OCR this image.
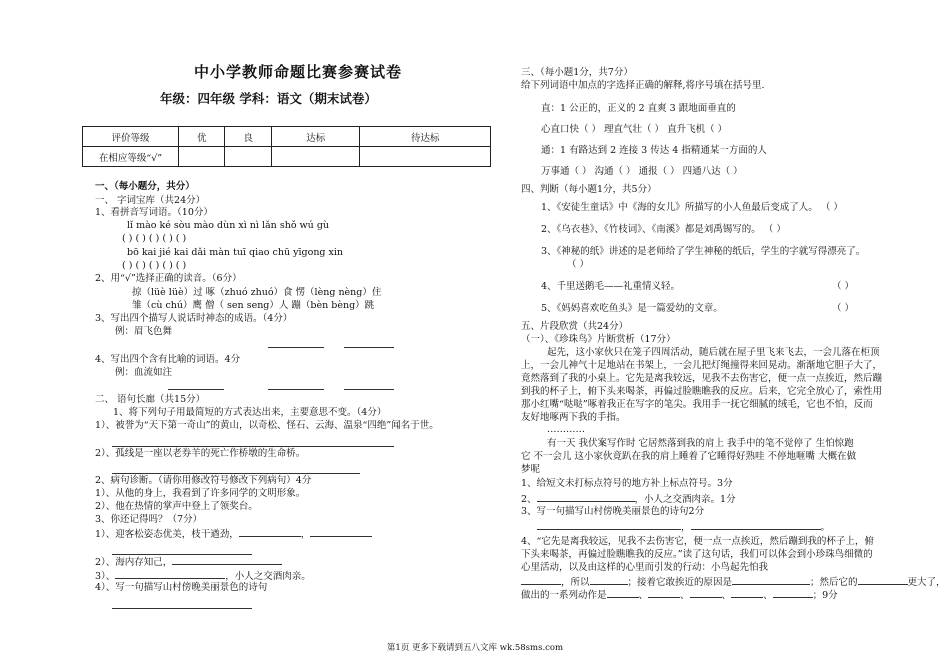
中小学教师命题比赛参赛试卷
年级：四年级 学科：语文（期末试卷）
评价等级	优	良	达标	待达标
在相应等级“√”				
一、（每小题分，共分）
一、 字词宝库（共24分）
1、看拼音写词语。（10分）
lǐ mào ké sòu mào dùn xì nì lǎn shǒ wú gù
( ) ( ) ( ) ( ) ( )
bō kai jié kai dǎi màn tuī qiao chū yīgong xin
( ) ( ) ( ) ( ) ( )
2、用“√”选择正确的读音。（6分）
掠（lüè lüè）过 啄（zhuó zhuó）食 愣（lèng nèng）住
雏（cù chú）鹰 僧（ sen seng）人 蹦（bèn bèng）跳
3、写出四个描写人说话时神态的成语。（4分）
例：眉飞色舞
4、写出四个含有比喻的词语。4分
例：血流如注
二、 语句长廊（共15分）
1、将下列句子用最简短的方式表达出来，主要意思不变。（4分）
1）、被誉为“天下第一奇山”的黄山，以奇松、怪石、云海、温泉“四绝”闻名于世。
2）、孤线是一座以老券羊的死亡作桥墩的生命桥。
2、病句诊断。（请你用修改符号修改下列病句）4分
1）、从他的身上，我看到了许多同学的文明形象。
2）、他在热情的掌声中登上了领奖台。
3、你还记得吗？（7分）
1）、迎客松姿态优美，枝干遒劲，	，
2）、海内存知己，
3）、	，小人之交酒肉亲。
4）、写一句描写山村傍晚美丽景色的诗句
三、（每小题1分，共7分）
给下列词语中加点的字选择正确的解释,将序号填在括号里.
直：1 公正的，正义的 2 直爽 3 跟地面垂直的
心直口快（ ） 理直气壮（ ） 直升飞机（ ）
通：1 有路达到 2 连接 3 传达 4 指精通某一方面的人
万事通（ ） 沟通（ ） 通报（ ） 四通八达（ ）
四、判断（每小题1分，共5分）
1、《安徒生童话》中《海的女儿》所描写的小人鱼最后变成了人。 （ ）
2、《乌衣巷》、《竹枝词》、《南溪》都是刘禹锡写的。 （ ）
3、《神秘的纸》讲述的是老师给了学生神秘的纸后，学生的字就写得漂亮了。
（ ）
4、千里送鹅毛——礼重情义轻。	（ ）
5、《妈妈喜欢吃鱼头》是一篇爱幼的文章。	（ ）
五、片段欣赏（共24分）
（一）、《珍珠鸟》片断赏析（17分）
起先，这小家伙只在笼子四周活动，随后就在屋子里飞来飞去，一会儿落在柜顶
上，一会儿神气十足地站在书架上，一会儿把灯绳撞得来回晃动。渐渐地它胆子大了，
竟然落到了我的小桌上。它先是离我较远，见我不去伤害它，便一点一点挨近，然后蹦
到我的杯子上，俯下头来喝茶，再偏过脸瞧瞧我的反应。后来，它完全放心了，索性用
那小红嘴“哒哒”啄着我正在写字的笔尖。我用手一抚它细腻的绒毛，它也不怕，反而
友好地啄两下我的手指。
…………
有一天 我伏案写作时 它居然落到我的肩上 我手中的笔不觉停了 生怕惊跑
它 不一会儿 这小家伙竟趴在我的肩上睡着了它睡得好熟哇 不停地咂嘴 大概在做
梦呢
1、给短文未打标点符号的地方补上标点符号。3分
2、	，小人之交酒肉亲。1分
3、写一句描写山村傍晚美丽景色的诗句2分
，	。
4、“它先是离我较远，见我不去伤害它，便一点一点挨近，然后蹦到我的杯子上，俯
下头来喝茶，再偏过脸瞧瞧我的反应。”读了这句话，我们可以体会到小珍珠鸟细微的
心里活动，以及由这样的心里而引发的行动：小鸟起先怕我
，所以	；接着它敢挨近的原因是	；然后它的	更大了，
做出的一系列动作是	、	、	、	、	；9分
第1页 更多下载请到五八文库 wk.58sms.com
